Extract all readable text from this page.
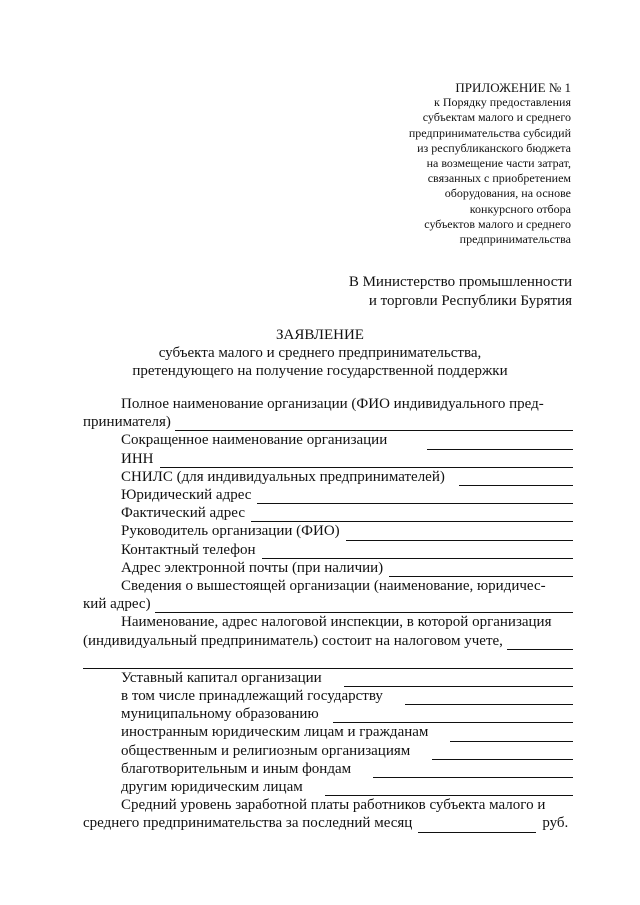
ПРИЛОЖЕНИЕ № 1
к Порядку предоставления
субъектам малого и среднего
предпринимательства субсидий
из республиканского бюджета
на возмещение части затрат,
связанных с приобретением
оборудования, на основе
конкурсного отбора
субъектов малого и среднего
предпринимательства
В Министерство промышленности
и торговли Республики Бурятия
ЗАЯВЛЕНИЕ
субъекта малого и среднего предпринимательства,
претендующего на получение государственной поддержки
Полное наименование организации (ФИО индивидуального пред-
принимателя)
Сокращенное наименование организации
ИНН
СНИЛС (для индивидуальных предпринимателей)
Юридический адрес
Фактический адрес
Руководитель организации (ФИО)
Контактный телефон
Адрес электронной почты (при наличии)
Сведения о вышестоящей организации (наименование, юридичес-
кий адрес)
Наименование, адрес налоговой инспекции, в которой организация
(индивидуальный предприниматель) состоит на налоговом учете,
Уставный капитал организации
в том числе принадлежащий государству
муниципальному образованию
иностранным юридическим лицам и гражданам
общественным и религиозным организациям
благотворительным и иным фондам
другим юридическим лицам
Средний уровень заработной платы работников субъекта малого и
среднего предпринимательства за последний месяц	руб.
